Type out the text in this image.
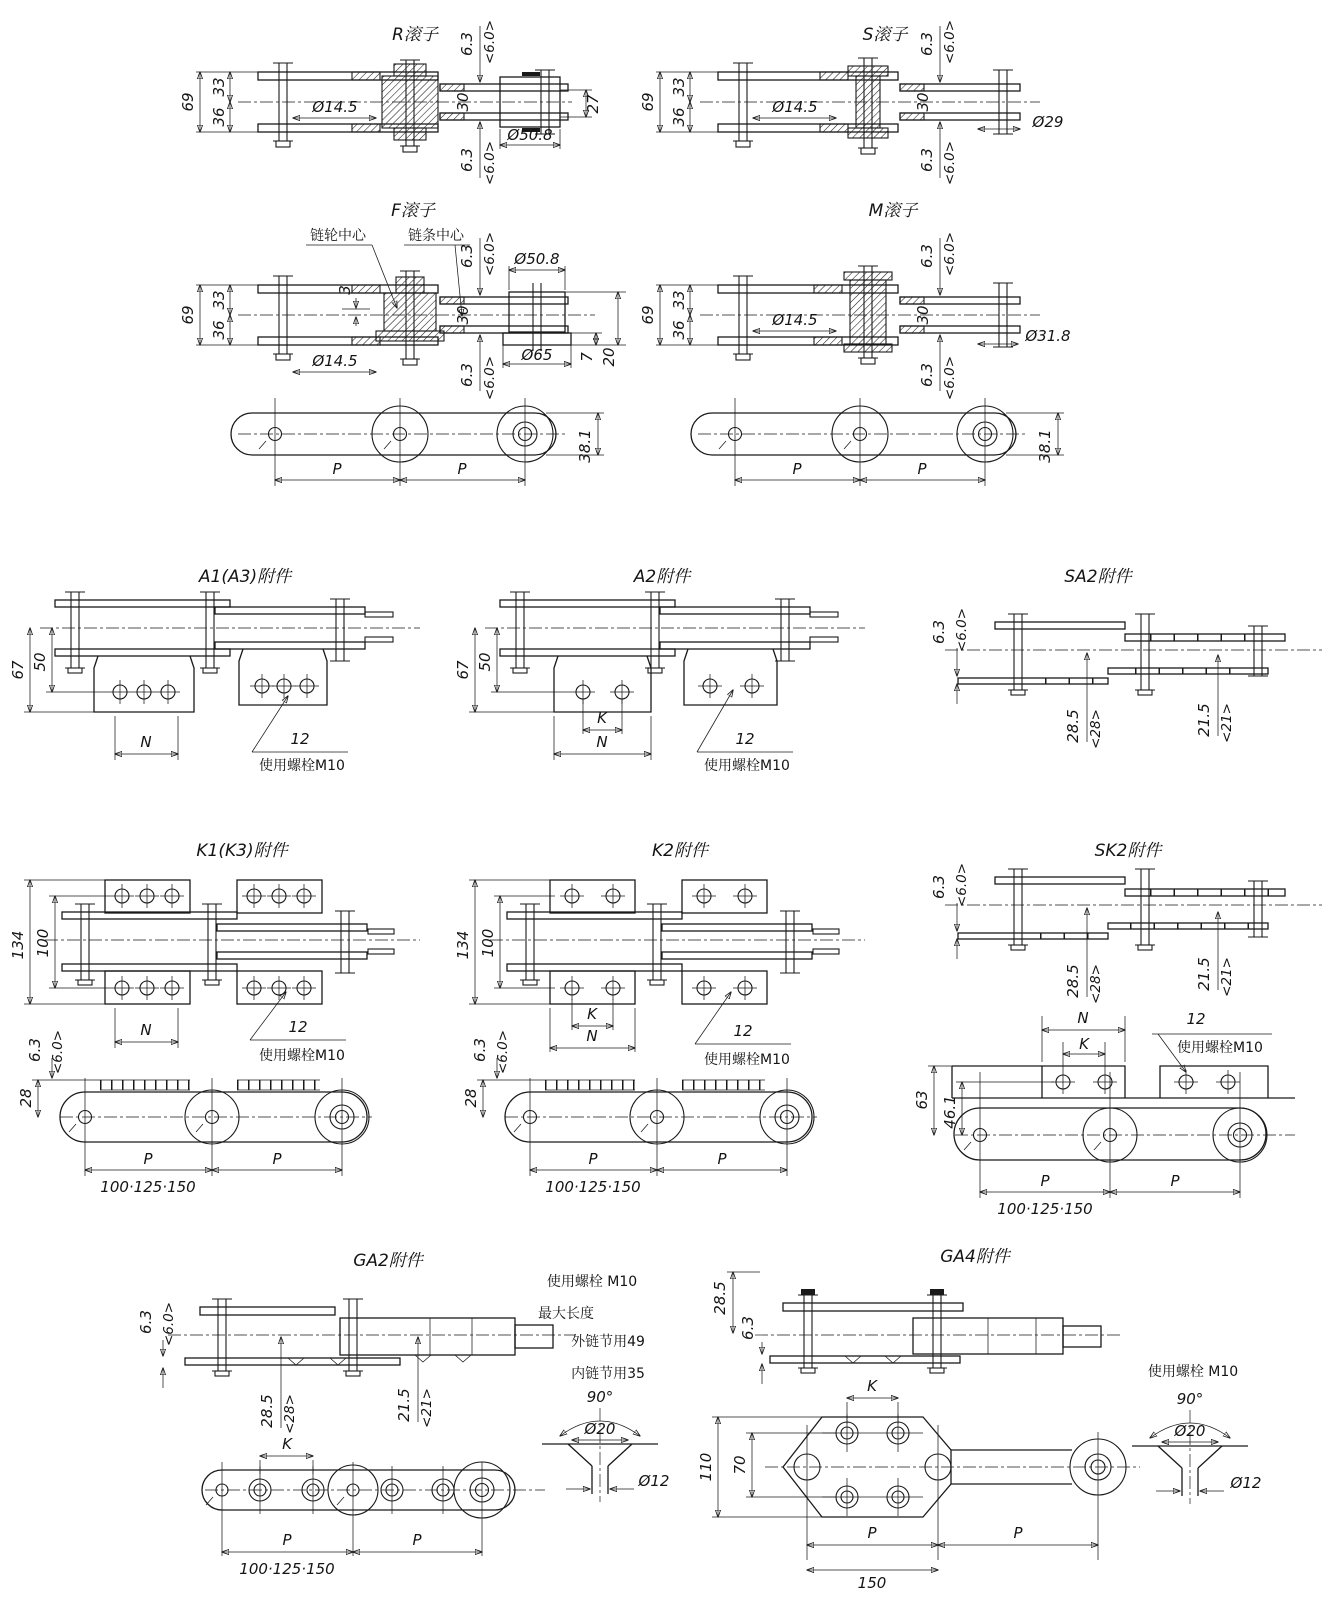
R滚子
69
33
36
Ø14.5
6.3 <6.0>
30	27
Ø50.8
6.3 <6.0>
S滚子
69
33
36
Ø14.5
6.3 <6.0>
30
Ø29
6.3 <6.0>
F滚子
链轮中心	链条中心
3
69
33
36
Ø14.5
6.3 <6.0>
30
Ø50.8
Ø65 7 20
6.3 <6.0>
M滚子
69
33
36
Ø14.5
6.3 <6.0>
30
Ø31.8
6.3 <6.0>
P	P
38.1
P	P
38.1
A1(A3)附件
67 50
N	12
使用螺栓M10
A2附件
67 50
K
N	12
使用螺栓M10
SA2附件
6.3 <6.0>
28.5 <28>	21.5 <21>
K1(K3)附件
134 100
N	12
使用螺栓M10
6.3 <6.0>
28
P	P
100·125·150
K2附件
134 100
K
N	12
使用螺栓M10
6.3 <6.0>
28
P	P
100·125·150
SK2附件
6.3 <6.0>
28.5 <28>	21.5 <21>
N
K
12
使用螺栓M10
63 46.1
P	P
100·125·150
GA2附件
6.3 <6.0>
28.5 <28>	21.5 <21>
K
P	P
100·125·150
使用螺栓 M10
最大长度
外链节用49
内链节用35
90°
Ø20
Ø12
GA4附件
28.5
6.3
K
110 70
P	P
150
使用螺栓 M10
90°
Ø20
Ø12
